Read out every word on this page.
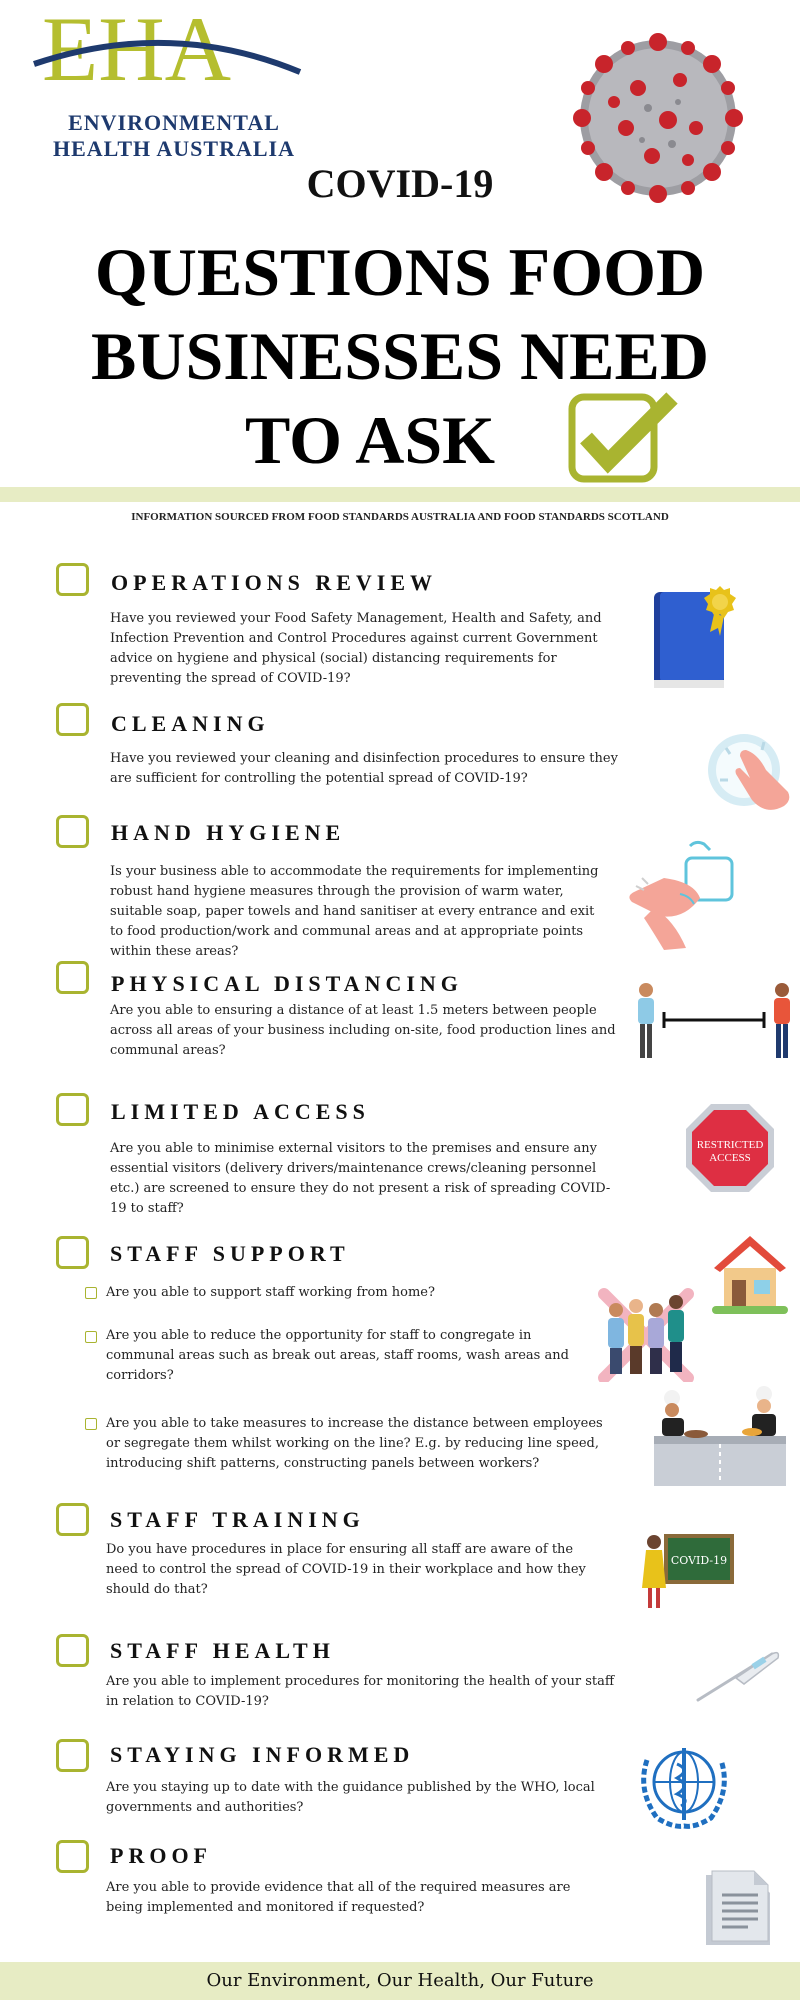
EHA
ENVIRONMENTAL
HEALTH AUSTRALIA
COVID-19
QUESTIONS FOOD
BUSINESSES NEED
TO ASK
INFORMATION SOURCED FROM FOOD STANDARDS AUSTRALIA AND FOOD STANDARDS SCOTLAND
OPERATIONS REVIEW
Have you reviewed your Food Safety Management, Health and Safety, and Infection Prevention and Control Procedures against current Government advice on hygiene and physical (social) distancing requirements for preventing the spread of COVID-19?
CLEANING
Have you reviewed your cleaning and disinfection procedures to ensure they are sufficient for controlling the potential spread of COVID-19?
HAND HYGIENE
Is your business able to accommodate the requirements for implementing robust hand hygiene measures through the provision of warm water, suitable soap, paper towels and hand sanitiser at every entrance and exit to food production/work and communal areas and at appropriate points within these areas?
PHYSICAL DISTANCING
Are you able to ensuring a distance of at least 1.5 meters between people across all areas of your business including on-site, food production lines and communal areas?
LIMITED ACCESS
Are you able to minimise external visitors to the premises and ensure any essential visitors (delivery drivers/maintenance crews/cleaning personnel etc.) are screened to ensure they do not present a risk of spreading COVID-19 to staff?
RESTRICTED
ACCESS
STAFF SUPPORT
Are you able to support staff working from home?
Are you able to reduce the opportunity for staff to congregate in communal areas such as break out areas, staff rooms, wash areas and corridors?
Are you able to take measures to increase the distance between employees or segregate them whilst working on the line? E.g. by reducing line speed, introducing shift patterns, constructing panels between workers?
STAFF TRAINING
Do you have procedures in place for ensuring all staff are aware of the need to control the spread of COVID-19 in their workplace and how they should do that?
COVID-19
STAFF HEALTH
Are you able to implement procedures for monitoring the health of your staff in relation to COVID-19?
STAYING INFORMED
Are you staying up to date with the guidance published by the WHO, local governments and authorities?
PROOF
Are you able to provide evidence that all of the required measures are being implemented and monitored if requested?
Our Environment, Our Health, Our Future
